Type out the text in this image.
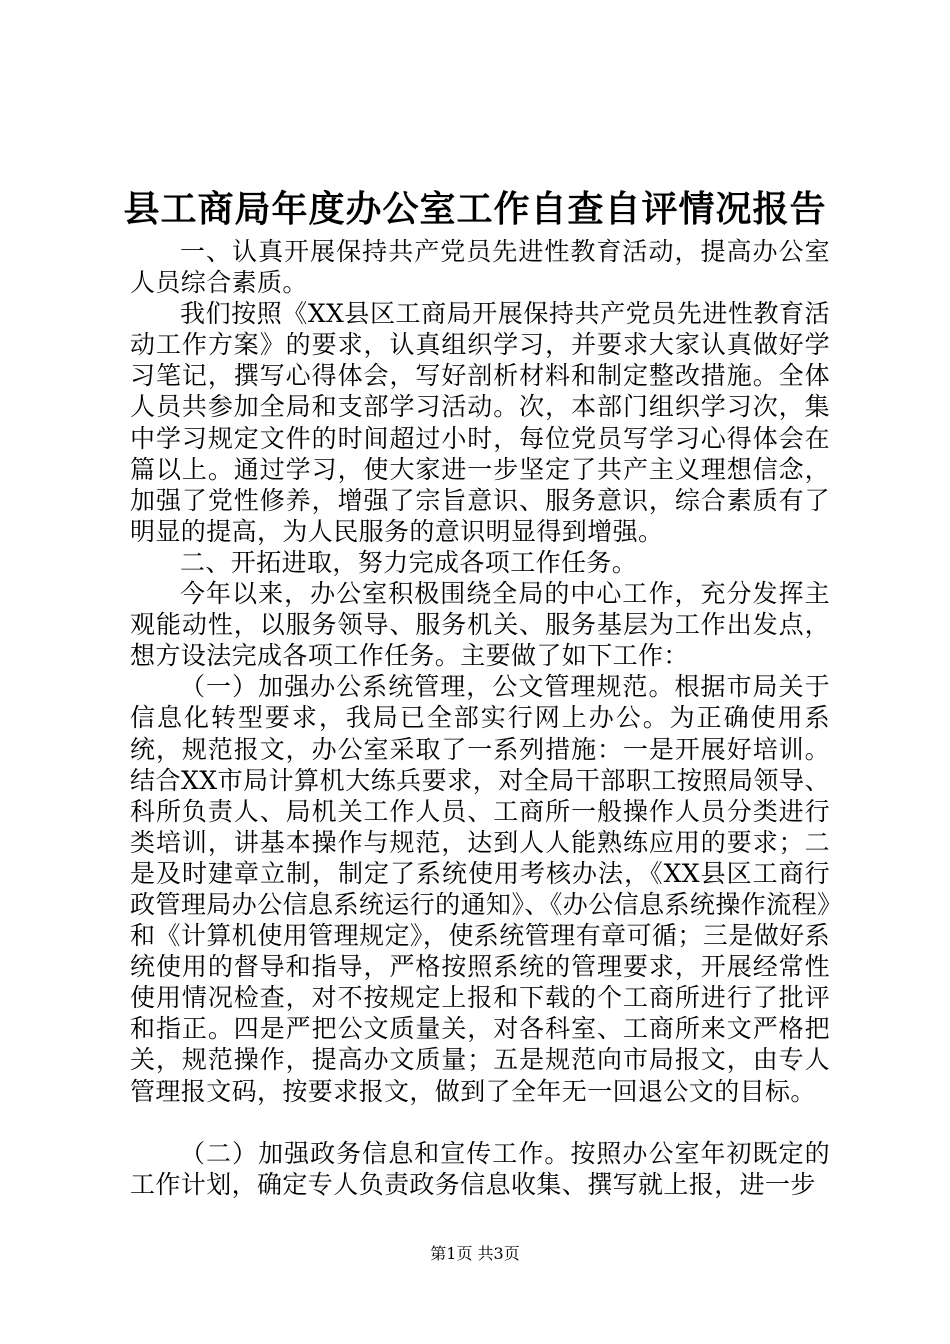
县工商局年度办公室工作自查自评情况报告

一、认真开展保持共产党员先进性教育活动，提高办公室人员综合素质。

我们按照《XX县区工商局开展保持共产党员先进性教育活动工作方案》的要求，认真组织学习，并要求大家认真做好学习笔记，撰写心得体会，写好剖析材料和制定整改措施。全体人员共参加全局和支部学习活动。次，本部门组织学习次，集中学习规定文件的时间超过小时，每位党员写学习心得体会在篇以上。通过学习，使大家进一步坚定了共产主义理想信念，加强了党性修养，增强了宗旨意识、服务意识，综合素质有了明显的提高，为人民服务的意识明显得到增强。

二、开拓进取，努力完成各项工作任务。

今年以来，办公室积极围绕全局的中心工作，充分发挥主观能动性，以服务领导、服务机关、服务基层为工作出发点，想方设法完成各项工作任务。主要做了如下工作：

（一）加强办公系统管理，公文管理规范。根据市局关于信息化转型要求，我局已全部实行网上办公。为正确使用系统，规范报文，办公室采取了一系列措施：一是开展好培训。结合XX市局计算机大练兵要求，对全局干部职工按照局领导、科所负责人、局机关工作人员、工商所一般操作人员分类进行类培训，讲基本操作与规范，达到人人能熟练应用的要求；二是及时建章立制，制定了系统使用考核办法，《XX县区工商行政管理局办公信息系统运行的通知》、《办公信息系统操作流程》和《计算机使用管理规定》，使系统管理有章可循；三是做好系统使用的督导和指导，严格按照系统的管理要求，开展经常性使用情况检查，对不按规定上报和下载的个工商所进行了批评和指正。四是严把公文质量关，对各科室、工商所来文严格把关，规范操作，提高办文质量；五是规范向市局报文，由专人管理报文码，按要求报文，做到了全年无一回退公文的目标。

（二）加强政务信息和宣传工作。按照办公室年初既定的工作计划，确定专人负责政务信息收集、撰写就上报，进一步

第1页 共3页
